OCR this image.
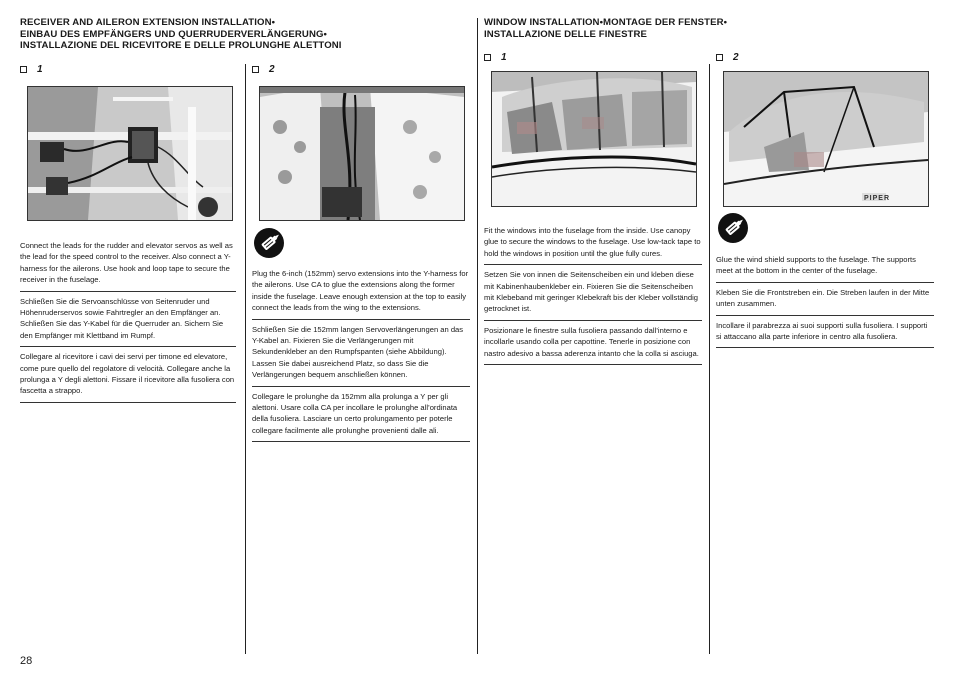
RECEIVER AND AILERON EXTENSION INSTALLATION•
EINBAU DES EMPFÄNGERS UND QUERRUDERVERLÄNGERUNG•
INSTALLAZIONE DEL RICEVITORE E DELLE PROLUNGHE ALETTONI
WINDOW INSTALLATION•MONTAGE DER FENSTER•
INSTALLAZIONE DELLE FINESTRE
1

Connect the leads for the rudder and elevator servos as well as the lead for the speed control to the receiver. Also connect a Y-harness for the ailerons. Use hook and loop tape to secure the receiver in the fuselage.

Schließen Sie die Servoanschlüsse von Seitenruder und Höhenruderservos sowie Fahrtregler an den Empfänger an. Schließen Sie das Y-Kabel für die Querruder an. Sichern Sie den Empfänger mit Klettband im Rumpf.

Collegare al ricevitore i cavi dei servi per timone ed elevatore, come pure quello del regolatore di velocità. Collegare anche la prolunga a Y degli alettoni. Fissare il ricevitore alla fusoliera con fascetta a strappo.

2

Plug the 6-inch (152mm) servo extensions into the Y-harness for the ailerons. Use CA to glue the extensions along the former inside the fuselage. Leave enough extension at the top to easily connect the leads from the wing to the extensions.

Schließen Sie die 152mm langen Servoverlängerungen an das Y-Kabel an. Fixieren Sie die Verlängerungen mit Sekundenkleber an den Rumpfspanten (siehe Abbildung). Lassen Sie dabei ausreichend Platz, so dass Sie die Verlängerungen bequem anschließen können.

Collegare le prolunghe da 152mm alla prolunga a Y per gli alettoni. Usare colla CA per incollare le prolunghe all’ordinata della fusoliera. Lasciare un certo prolungamento per poterle collegare facilmente alle prolunghe provenienti dalle ali.

1

Fit the windows into the fuselage from the inside. Use canopy glue to secure the windows to the fuselage. Use low-tack tape to hold the windows in position until the glue fully cures.

Setzen Sie von innen die Seitenscheiben ein und kleben diese mit Kabinenhaubenkleber ein. Fixieren Sie die Seitenscheiben mit Klebeband mit geringer Klebekraft bis der Kleber vollständig getrocknet ist.

Posizionare le finestre sulla fusoliera passando dall’interno e incollarle usando colla per capottine. Tenerle in posizione con nastro adesivo a bassa aderenza intanto che la colla si asciuga.

2
PIPER

Glue the wind shield supports to the fuselage. The supports meet at the bottom in the center of the fuselage.

Kleben Sie die Frontstreben ein. Die Streben laufen in der Mitte unten zusammen.

Incollare il parabrezza ai suoi supporti sulla fusoliera. I supporti si attaccano alla parte inferiore in centro alla fusoliera.

28
